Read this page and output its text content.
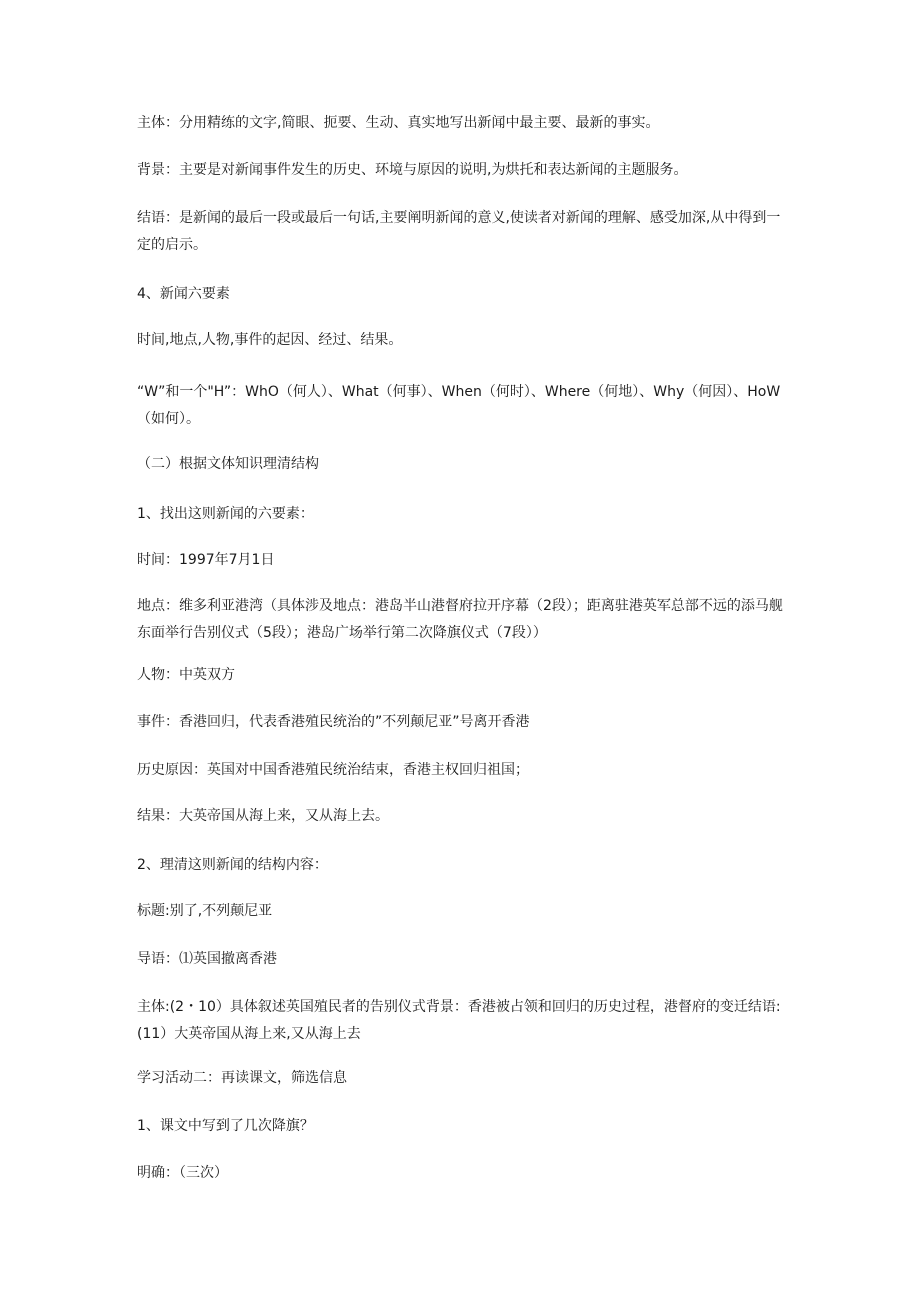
主体：分用精练的文字,简眼、扼要、生动、真实地写出新闻中最主要、最新的事实。

背景：主要是对新闻事件发生的历史、环境与原因的说明,为烘托和表达新闻的主题服务。

结语：是新闻的最后一段或最后一句话,主要阐明新闻的意义,使读者对新闻的理解、感受加深,从中得到一定的启示。

4、新闻六要素

时间,地点,人物,事件的起因、经过、结果。

“W”和一个"H”：WhO（何人）、What（何事）、When（何时）、Where（何地）、Why（何因）、HoW（如何）。

（二）根据文体知识理清结构

1、找出这则新闻的六要素：

时间：1997年7月1日

地点：维多利亚港湾（具体涉及地点：港岛半山港督府拉开序幕（2段）；距离驻港英军总部不远的添马舰东面举行告别仪式（5段）；港岛广场举行第二次降旗仪式（7段））

人物：中英双方

事件：香港回归，代表香港殖民统治的”不列颠尼亚”号离开香港

历史原因：英国对中国香港殖民统治结束，香港主权回归祖国；

结果：大英帝国从海上来，又从海上去。

2、理清这则新闻的结构内容：

标题:别了,不列颠尼亚

导语：⑴英国撤离香港

主体:(2・10）具体叙述英国殖民者的告别仪式背景：香港被占领和回归的历史过程，港督府的变迁结语:(11）大英帝国从海上来,又从海上去

学习活动二：再读课文，筛选信息

1、课文中写到了几次降旗？

明确：（三次）
